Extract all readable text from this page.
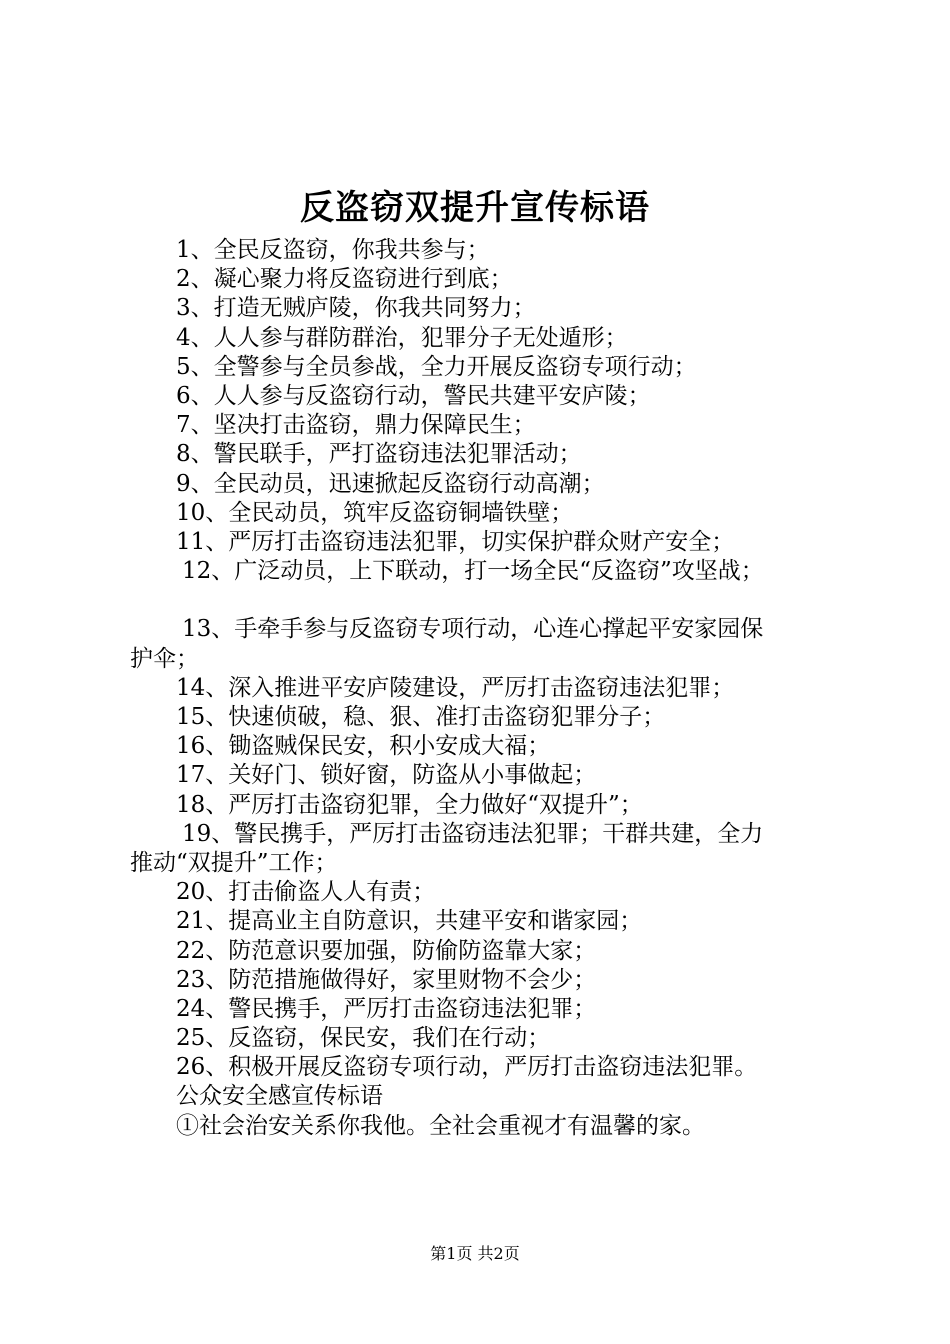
反盗窃双提升宣传标语
1、全民反盗窃，你我共参与；
2、凝心聚力将反盗窃进行到底；
3、打造无贼庐陵，你我共同努力；
4、人人参与群防群治，犯罪分子无处遁形；
5、全警参与全员参战，全力开展反盗窃专项行动；
6、人人参与反盗窃行动，警民共建平安庐陵；
7、坚决打击盗窃，鼎力保障民生；
8、警民联手，严打盗窃违法犯罪活动；
9、全民动员，迅速掀起反盗窃行动高潮；
10、全民动员，筑牢反盗窃铜墙铁壁；
11、严厉打击盗窃违法犯罪，切实保护群众财产安全；
12、广泛动员，上下联动，打一场全民“反盗窃”攻坚战；
13、手牵手参与反盗窃专项行动，心连心撑起平安家园保
护伞；
14、深入推进平安庐陵建设，严厉打击盗窃违法犯罪；
15、快速侦破，稳、狠、准打击盗窃犯罪分子；
16、锄盗贼保民安，积小安成大福；
17、关好门、锁好窗，防盗从小事做起；
18、严厉打击盗窃犯罪，全力做好“双提升”；
19、警民携手，严厉打击盗窃违法犯罪；干群共建，全力
推动“双提升”工作；
20、打击偷盗人人有责；
21、提高业主自防意识，共建平安和谐家园；
22、防范意识要加强，防偷防盗靠大家；
23、防范措施做得好，家里财物不会少；
24、警民携手，严厉打击盗窃违法犯罪；
25、反盗窃，保民安，我们在行动；
26、积极开展反盗窃专项行动，严厉打击盗窃违法犯罪。
公众安全感宣传标语
①社会治安关系你我他。全社会重视才有温馨的家。
第1页 共2页
